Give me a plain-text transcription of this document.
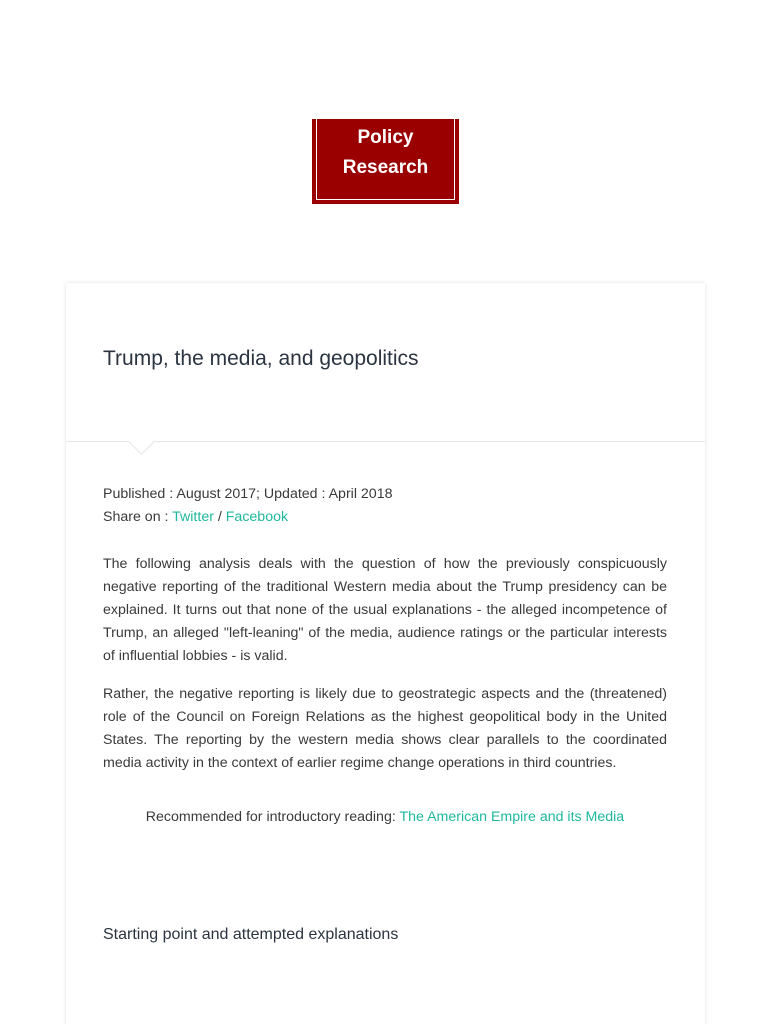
Policy
Research
Trump, the media, and geopolitics

Published : August 2017; Updated : April 2018

Share on : Twitter / Facebook

The following analysis deals with the question of how the previously conspicuously negative reporting of the traditional Western media about the Trump presidency can be explained. It turns out that none of the usual explanations - the alleged incompetence of Trump, an alleged "left-leaning" of the media, audience ratings or the particular interests of influential lobbies - is valid.

Rather, the negative reporting is likely due to geostrategic aspects and the (threatened) role of the Council on Foreign Relations as the highest geopolitical body in the United States. The reporting by the western media shows clear parallels to the coordinated media activity in the context of earlier regime change operations in third countries.

Recommended for introductory reading: The American Empire and its Media

Starting point and attempted explanations
